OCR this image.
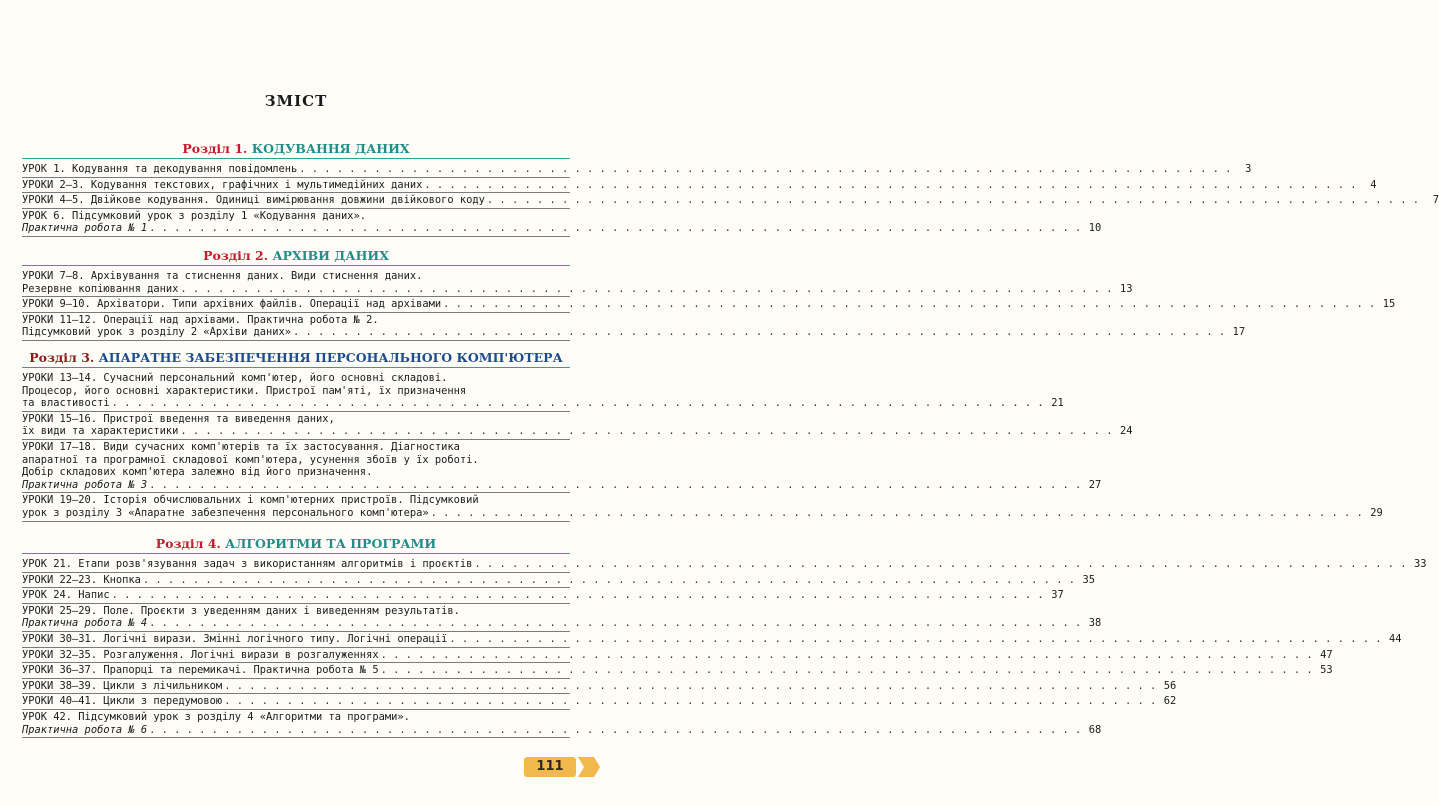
ЗМІСТ
Розділ 1. КОДУВАННЯ ДАНИХ
УРОК 1. Кодування та декодування повідомлень . . . . . . . . . . . . . . . . . . . . . . . . . . . . . . . . . . . . . . . . . . . . . . . . . . . . . . . . . . . . . . . . . . . . . . . . . . .	3
УРОКИ 2–3. Кодування текстових, графічних і мультимедійних даних . . . . . . . . . . . . . . . . . . . . . . . . . . . . . . . . . . . . . . . . . . . . . . . . . . . . . . . . . . . . . . . . . . . . . . . . . . .	4
УРОКИ 4–5. Двійкове кодування. Одиниці вимірювання довжини двійкового коду . . . . . . . . . . . . . . . . . . . . . . . . . . . . . . . . . . . . . . . . . . . . . . . . . . . . . . . . . . . . . . . . . . . . . . . . . . .	7
УРОК 6. Підсумковий урок з розділу 1 «Кодування даних».
Практична робота № 1 . . . . . . . . . . . . . . . . . . . . . . . . . . . . . . . . . . . . . . . . . . . . . . . . . . . . . . . . . . . . . . . . . . . . . . . . . . . 10
Розділ 2. АРХІВИ ДАНИХ
УРОКИ 7–8. Архівування та стиснення даних. Види стиснення даних.
Резервне копіювання даних . . . . . . . . . . . . . . . . . . . . . . . . . . . . . . . . . . . . . . . . . . . . . . . . . . . . . . . . . . . . . . . . . . . . . . . . . . . 13
УРОКИ 9–10. Архіватори. Типи архівних файлів. Операції над архівами . . . . . . . . . . . . . . . . . . . . . . . . . . . . . . . . . . . . . . . . . . . . . . . . . . . . . . . . . . . . . . . . . . . . . . . . . . . 15
УРОКИ 11–12. Операції над архівами. Практична робота № 2.
Підсумковий урок з розділу 2 «Архіви даних» . . . . . . . . . . . . . . . . . . . . . . . . . . . . . . . . . . . . . . . . . . . . . . . . . . . . . . . . . . . . . . . . . . . . . . . . . . . 17
Розділ 3. АПАРАТНЕ ЗАБЕЗПЕЧЕННЯ ПЕРСОНАЛЬНОГО КОМП'ЮТЕРА
УРОКИ 13–14. Сучасний персональний комп'ютер, його основні складові.
Процесор, його основні характеристики. Пристрої пам'яті, їх призначення
та властивості . . . . . . . . . . . . . . . . . . . . . . . . . . . . . . . . . . . . . . . . . . . . . . . . . . . . . . . . . . . . . . . . . . . . . . . . . . . 21
УРОКИ 15–16. Пристрої введення та виведення даних,
їх види та характеристики . . . . . . . . . . . . . . . . . . . . . . . . . . . . . . . . . . . . . . . . . . . . . . . . . . . . . . . . . . . . . . . . . . . . . . . . . . . 24
УРОКИ 17–18. Види сучасних комп'ютерів та їх застосування. Діагностика
апаратної та програмної складової комп'ютера, усунення збоїв у їх роботі.
Добір складових комп'ютера залежно від його призначення.
Практична робота № 3 . . . . . . . . . . . . . . . . . . . . . . . . . . . . . . . . . . . . . . . . . . . . . . . . . . . . . . . . . . . . . . . . . . . . . . . . . . . 27
УРОКИ 19–20. Історія обчислювальних і комп'ютерних пристроїв. Підсумковий
урок з розділу 3 «Апаратне забезпечення персонального комп'ютера» . . . . . . . . . . . . . . . . . . . . . . . . . . . . . . . . . . . . . . . . . . . . . . . . . . . . . . . . . . . . . . . . . . . . . . . . . . . 29
Розділ 4. АЛГОРИТМИ ТА ПРОГРАМИ
УРОК 21. Етапи розв'язування задач з використанням алгоритмів і проєктів . . . . . . . . . . . . . . . . . . . . . . . . . . . . . . . . . . . . . . . . . . . . . . . . . . . . . . . . . . . . . . . . . . . . . . . . . . . 33
УРОКИ 22–23. Кнопка . . . . . . . . . . . . . . . . . . . . . . . . . . . . . . . . . . . . . . . . . . . . . . . . . . . . . . . . . . . . . . . . . . . . . . . . . . . 35
УРОК 24. Напис . . . . . . . . . . . . . . . . . . . . . . . . . . . . . . . . . . . . . . . . . . . . . . . . . . . . . . . . . . . . . . . . . . . . . . . . . . . 37
УРОКИ 25–29. Поле. Проєкти з уведенням даних і виведенням результатів.
Практична робота № 4 . . . . . . . . . . . . . . . . . . . . . . . . . . . . . . . . . . . . . . . . . . . . . . . . . . . . . . . . . . . . . . . . . . . . . . . . . . . 38
УРОКИ 30–31. Логічні вирази. Змінні логічного типу. Логічні операції . . . . . . . . . . . . . . . . . . . . . . . . . . . . . . . . . . . . . . . . . . . . . . . . . . . . . . . . . . . . . . . . . . . . . . . . . . . 44
УРОКИ 32–35. Розгалуження. Логічні вирази в розгалуженнях . . . . . . . . . . . . . . . . . . . . . . . . . . . . . . . . . . . . . . . . . . . . . . . . . . . . . . . . . . . . . . . . . . . . . . . . . . . 47
УРОКИ 36–37. Прапорці та перемикачі. Практична робота № 5 . . . . . . . . . . . . . . . . . . . . . . . . . . . . . . . . . . . . . . . . . . . . . . . . . . . . . . . . . . . . . . . . . . . . . . . . . . . 53
УРОКИ 38–39. Цикли з лічильником . . . . . . . . . . . . . . . . . . . . . . . . . . . . . . . . . . . . . . . . . . . . . . . . . . . . . . . . . . . . . . . . . . . . . . . . . . . 56
УРОКИ 40–41. Цикли з передумовою . . . . . . . . . . . . . . . . . . . . . . . . . . . . . . . . . . . . . . . . . . . . . . . . . . . . . . . . . . . . . . . . . . . . . . . . . . . 62
УРОК 42. Підсумковий урок з розділу 4 «Алгоритми та програми».
Практична робота № 6 . . . . . . . . . . . . . . . . . . . . . . . . . . . . . . . . . . . . . . . . . . . . . . . . . . . . . . . . . . . . . . . . . . . . . . . . . . . 68
111
